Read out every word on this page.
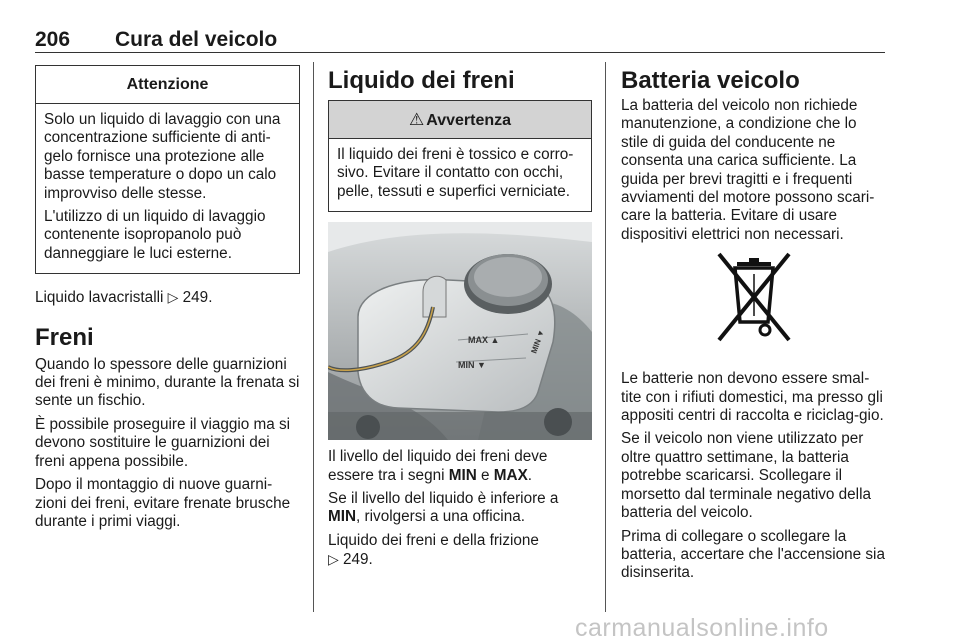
206 Cura del veicolo
Attenzione

Solo un liquido di lavaggio con una concentrazione sufficiente di anti-gelo fornisce una protezione alle basse temperature o dopo un calo improvviso delle stesse.

L'utilizzo di un liquido di lavaggio contenente isopropanolo può danneggiare le luci esterne.

Liquido lavacristalli ▷ 249.

Freni

Quando lo spessore delle guarnizioni dei freni è minimo, durante la frenata si sente un fischio.

È possibile proseguire il viaggio ma si devono sostituire le guarnizioni dei freni appena possibile.

Dopo il montaggio di nuove guarni-zioni dei freni, evitare frenate brusche durante i primi viaggi.

Liquido dei freni
⚠ Avvertenza

Il liquido dei freni è tossico e corro-sivo. Evitare il contatto con occhi, pelle, tessuti e superfici verniciate.

MAX ▲
MIN ▼
MIN ▼

Il livello del liquido dei freni deve essere tra i segni MIN e MAX.

Se il livello del liquido è inferiore a MIN, rivolgersi a una officina.

Liquido dei freni e della frizione
▷ 249.

Batteria veicolo

La batteria del veicolo non richiede manutenzione, a condizione che lo stile di guida del conducente ne consenta una carica sufficiente. La guida per brevi tragitti e i frequenti avviamenti del motore possono scari-care la batteria. Evitare di usare dispositivi elettrici non necessari.

Le batterie non devono essere smal-tite con i rifiuti domestici, ma presso gli appositi centri di raccolta e riciclag-gio.

Se il veicolo non viene utilizzato per oltre quattro settimane, la batteria potrebbe scaricarsi. Scollegare il morsetto dal terminale negativo della batteria del veicolo.

Prima di collegare o scollegare la batteria, accertare che l'accensione sia disinserita.

carmanualsonline.info
